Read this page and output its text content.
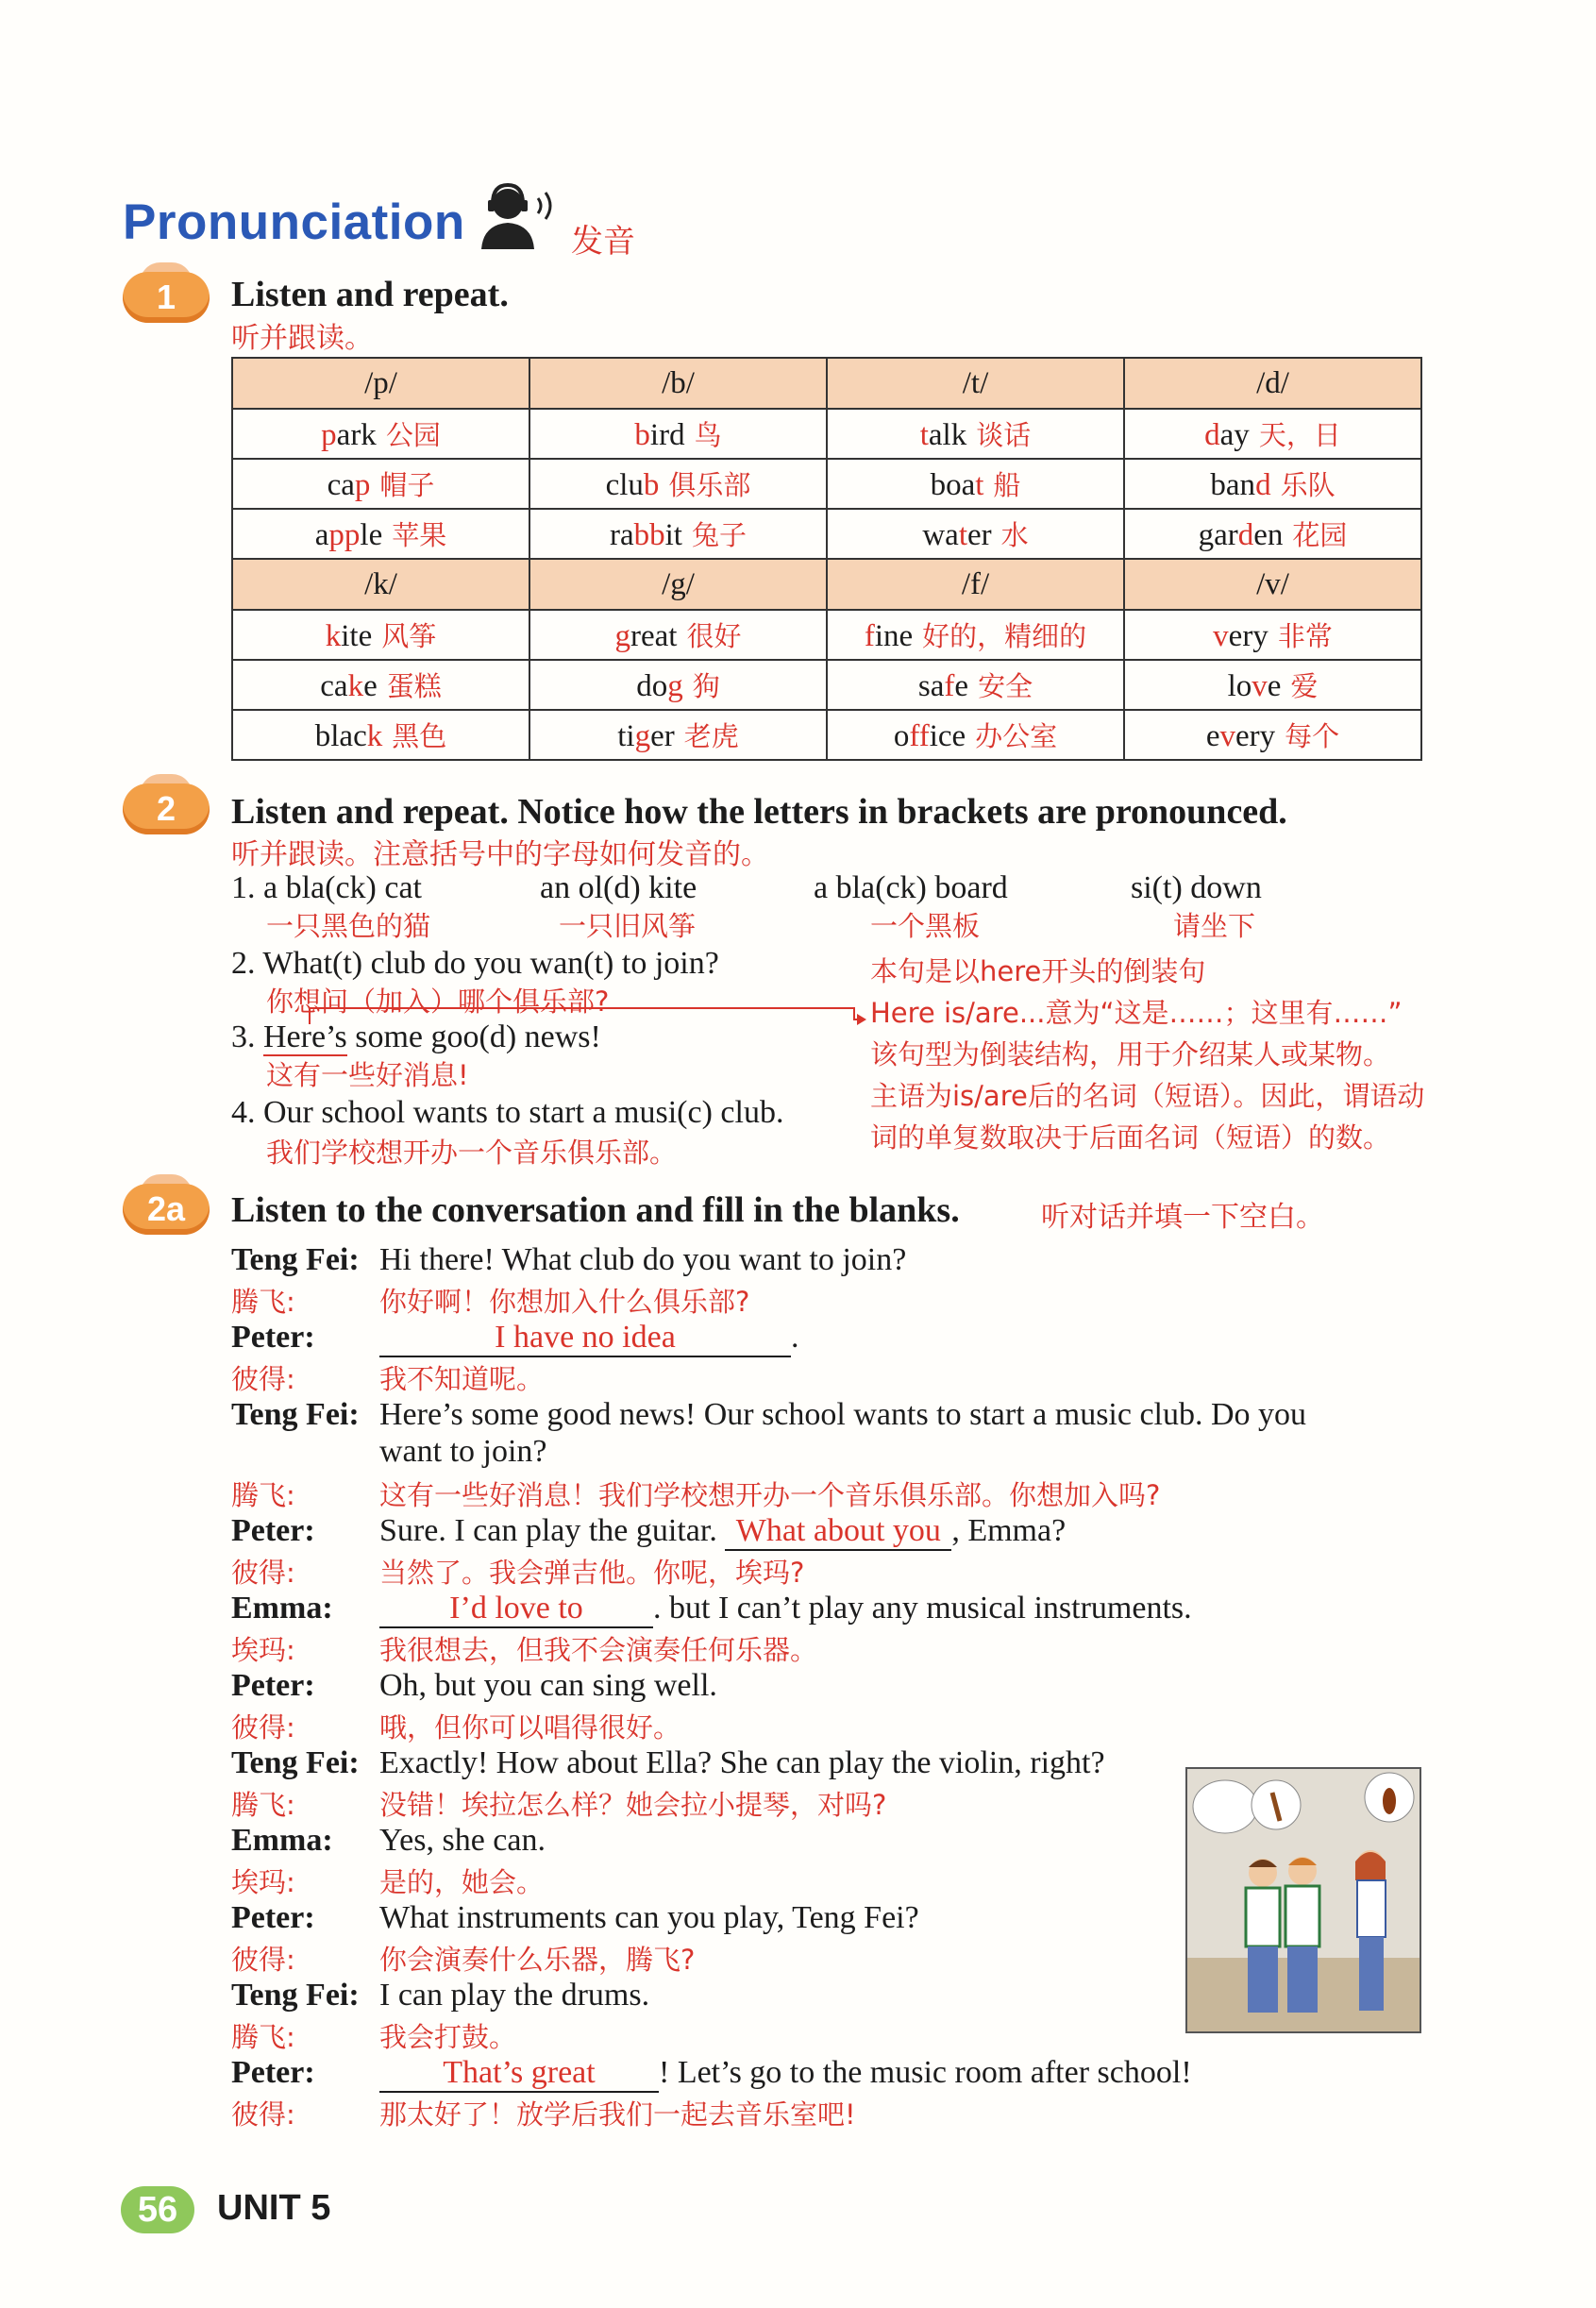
Pronunciation	发音
1	Listen and repeat.
听并跟读。
/p/	/b/	/t/	/d/
park 公园	bird 鸟	talk 谈话	day 天，日
cap 帽子	club 俱乐部	boat 船	band 乐队
apple 苹果	rabbit 兔子	water 水	garden 花园
/k/	/g/	/f/	/v/
kite 风筝	great 很好	fine 好的，精细的	very 非常
cake 蛋糕	dog 狗	safe 安全	love 爱
black 黑色	tiger 老虎	office 办公室	every 每个
2	Listen and repeat. Notice how the letters in brackets are pronounced.
听并跟读。注意括号中的字母如何发音的。
1. a bla(ck) cat	an ol(d) kite	a bla(ck) board	si(t) down
一只黑色的猫	一只旧风筝	一个黑板	请坐下
2. What(t) club do you wan(t) to join?
你想问（加入）哪个俱乐部?
3. Here’s some goo(d) news!
这有一些好消息!
4. Our school wants to start a musi(c) club.
我们学校想开办一个音乐俱乐部。
本句是以here开头的倒装句
Here is/are...意为“这是……；这里有……”
该句型为倒装结构，用于介绍某人或某物。
主语为is/are后的名词（短语）。因此，谓语动
词的单复数取决于后面名词（短语）的数。
2a	Listen to the conversation and fill in the blanks.	听对话并填一下空白。
Teng Fei: Hi there! What club do you want to join?
腾飞:	你好啊！你想加入什么俱乐部?
Peter:	I have no idea	.
彼得:	我不知道呢。
Teng Fei: Here’s some good news! Our school wants to start a music club. Do you
want to join?
腾飞:	这有一些好消息！我们学校想开办一个音乐俱乐部。你想加入吗?
Peter: Sure. I can play the guitar. What about you , Emma?
彼得:	当然了。我会弹吉他。你呢，埃玛?
Emma:	I’d love to . but I can’t play any musical instruments.
埃玛:	我很想去，但我不会演奏任何乐器。
Peter: Oh, but you can sing well.
彼得:	哦，但你可以唱得很好。
Teng Fei: Exactly! How about Ella? She can play the violin, right?
腾飞:	没错！埃拉怎么样？她会拉小提琴，对吗?
Emma: Yes, she can.
埃玛:	是的，她会。
Peter: What instruments can you play, Teng Fei?
彼得:	你会演奏什么乐器，腾飞?
Teng Fei: I can play the drums.
腾飞:	我会打鼓。
Peter:	That’s great ! Let’s go to the music room after school!
彼得:	那太好了！放学后我们一起去音乐室吧!
56	UNIT 5
